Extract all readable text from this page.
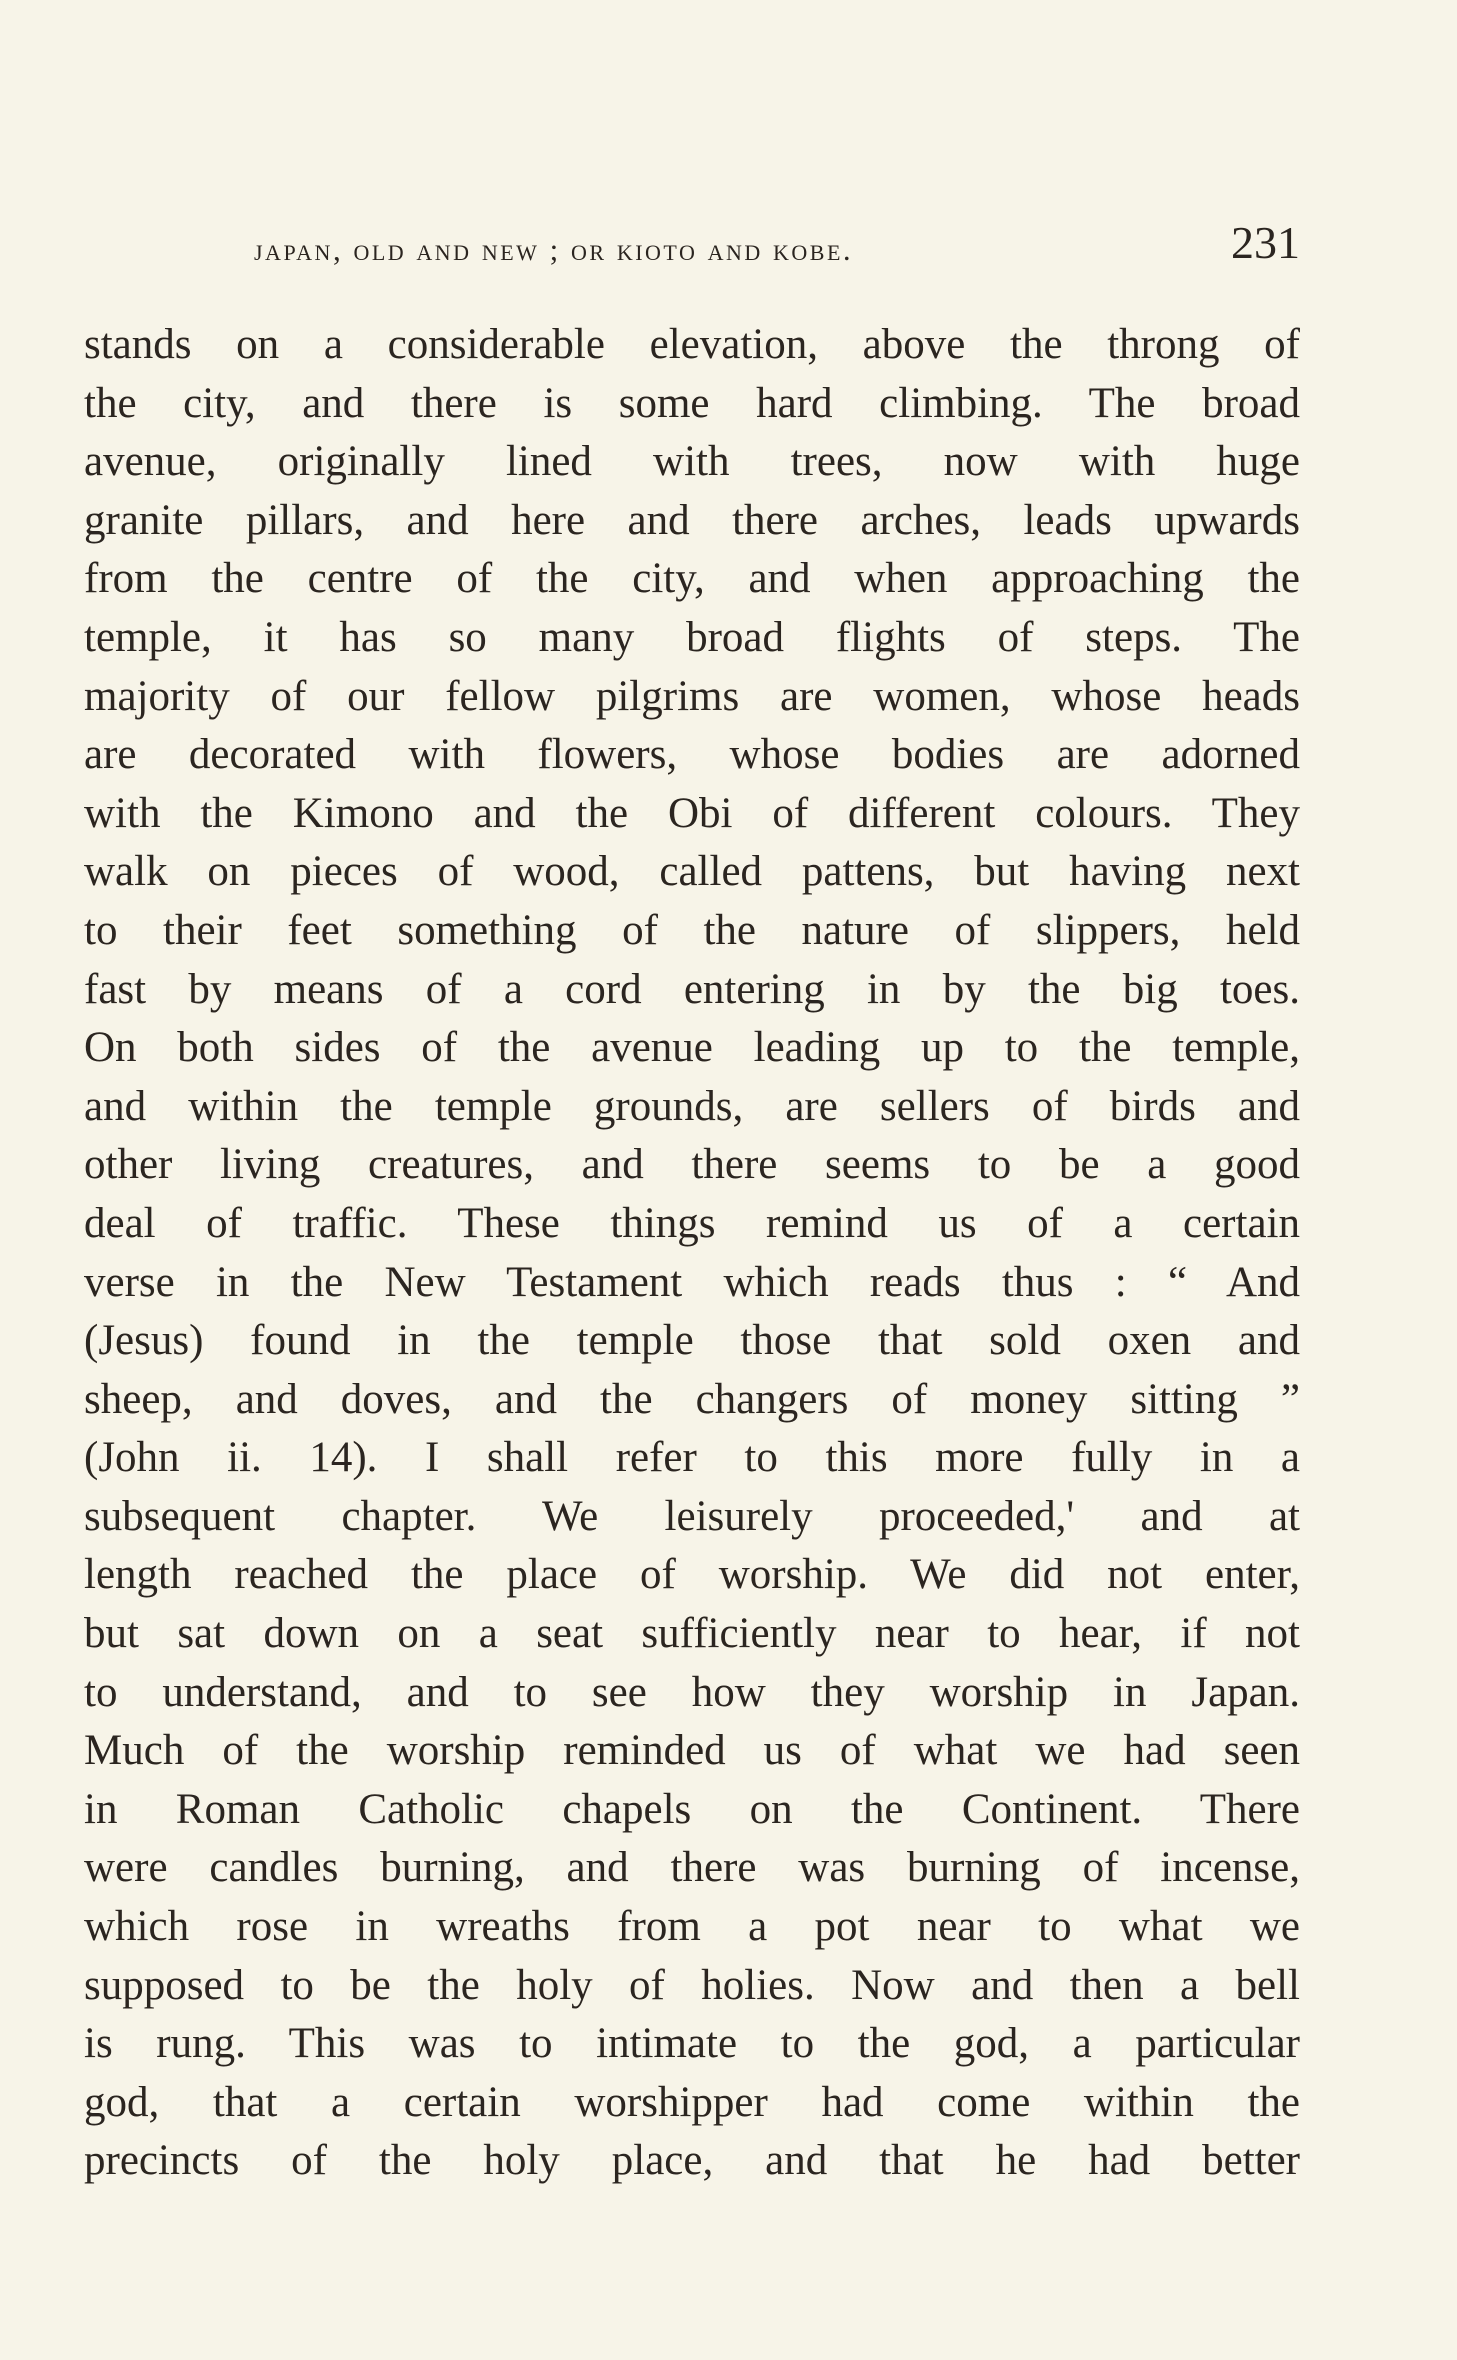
japan, old and new ; or kioto and kobe.	231
stands on a considerable elevation, above the throng of
the city, and there is some hard climbing. The broad
avenue, originally lined with trees, now with huge
granite pillars, and here and there arches, leads upwards
from the centre of the city, and when approaching the
temple, it has so many broad flights of steps. The
majority of our fellow pilgrims are women, whose heads
are decorated with flowers, whose bodies are adorned
with the Kimono and the Obi of different colours. They
walk on pieces of wood, called pattens, but having next
to their feet something of the nature of slippers, held
fast by means of a cord entering in by the big toes.
On both sides of the avenue leading up to the temple,
and within the temple grounds, are sellers of birds and
other living creatures, and there seems to be a good
deal of traffic. These things remind us of a certain
verse in the New Testament which reads thus : “ And
(Jesus) found in the temple those that sold oxen and
sheep, and doves, and the changers of money sitting ”
(John ii. 14). I shall refer to this more fully in a
subsequent chapter. We leisurely proceeded,' and at
length reached the place of worship. We did not enter,
but sat down on a seat sufficiently near to hear, if not
to understand, and to see how they worship in Japan.
Much of the worship reminded us of what we had seen
in Roman Catholic chapels on the Continent. There
were candles burning, and there was burning of incense,
which rose in wreaths from a pot near to what we
supposed to be the holy of holies. Now and then a bell
is rung. This was to intimate to the god, a particular
god, that a certain worshipper had come within the
precincts of the holy place, and that he had better
